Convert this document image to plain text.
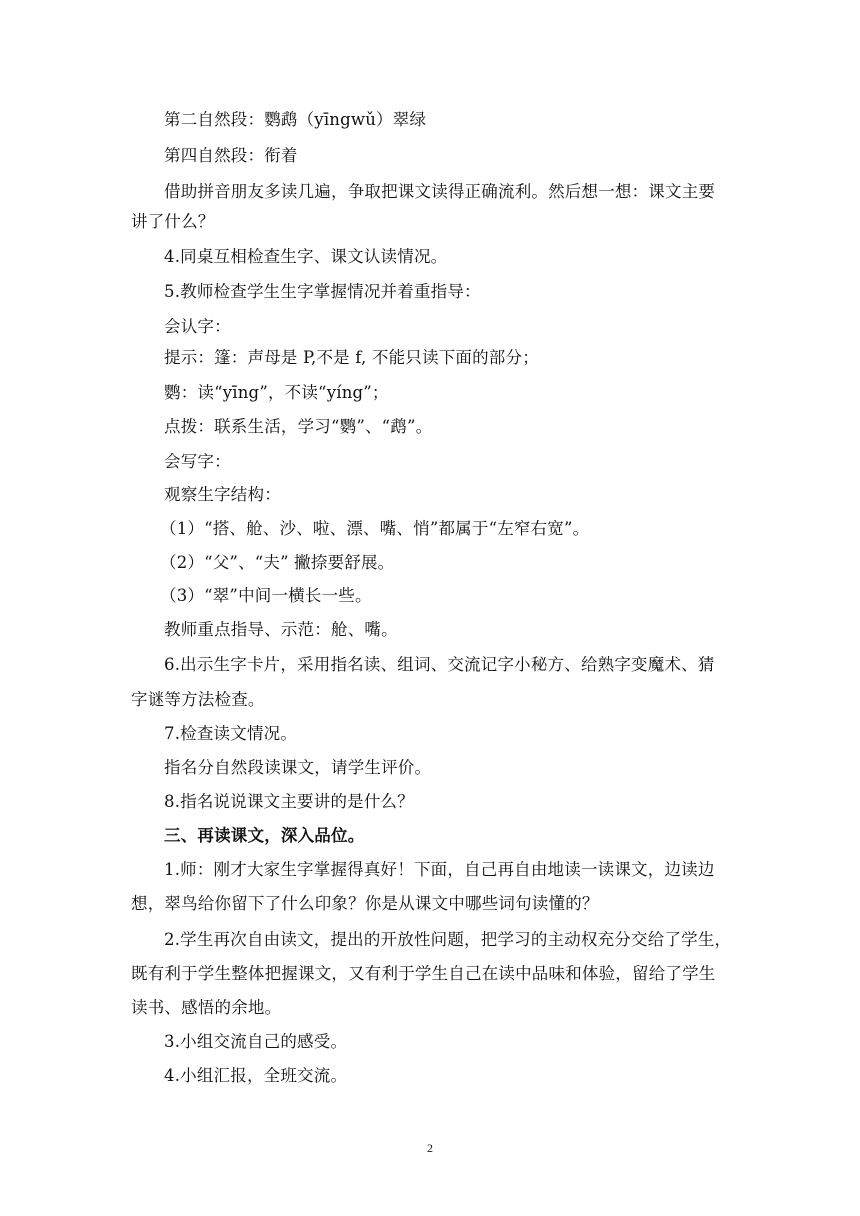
第二自然段：鹦鹉（yīngwǔ）翠绿
第四自然段：衔着
借助拼音朋友多读几遍，争取把课文读得正确流利。然后想一想：课文主要
讲了什么？
4.同桌互相检查生字、课文认读情况。
5.教师检查学生生字掌握情况并着重指导：
会认字：
提示：篷：声母是 P,不是 f, 不能只读下面的部分；
鹦：读“yīng”，不读“yíng”；
点拨：联系生活，学习“鹦”、“鹉”。
会写字：
观察生字结构：
（1）“搭、舱、沙、啦、漂、嘴、悄”都属于“左窄右宽”。
（2）“父”、“夫” 撇捺要舒展。
（3）“翠”中间一横长一些。
教师重点指导、示范：舱、嘴。
6.出示生字卡片，采用指名读、组词、交流记字小秘方、给熟字变魔术、猜
字谜等方法检查。
7.检查读文情况。
指名分自然段读课文，请学生评价。
8.指名说说课文主要讲的是什么？
三、再读课文，深入品位。
1.师：刚才大家生字掌握得真好！下面，自己再自由地读一读课文，边读边
想，翠鸟给你留下了什么印象？你是从课文中哪些词句读懂的？
2.学生再次自由读文，提出的开放性问题，把学习的主动权充分交给了学生，
既有利于学生整体把握课文，又有利于学生自己在读中品味和体验，留给了学生
读书、感悟的余地。
3.小组交流自己的感受。
4.小组汇报，全班交流。
2
